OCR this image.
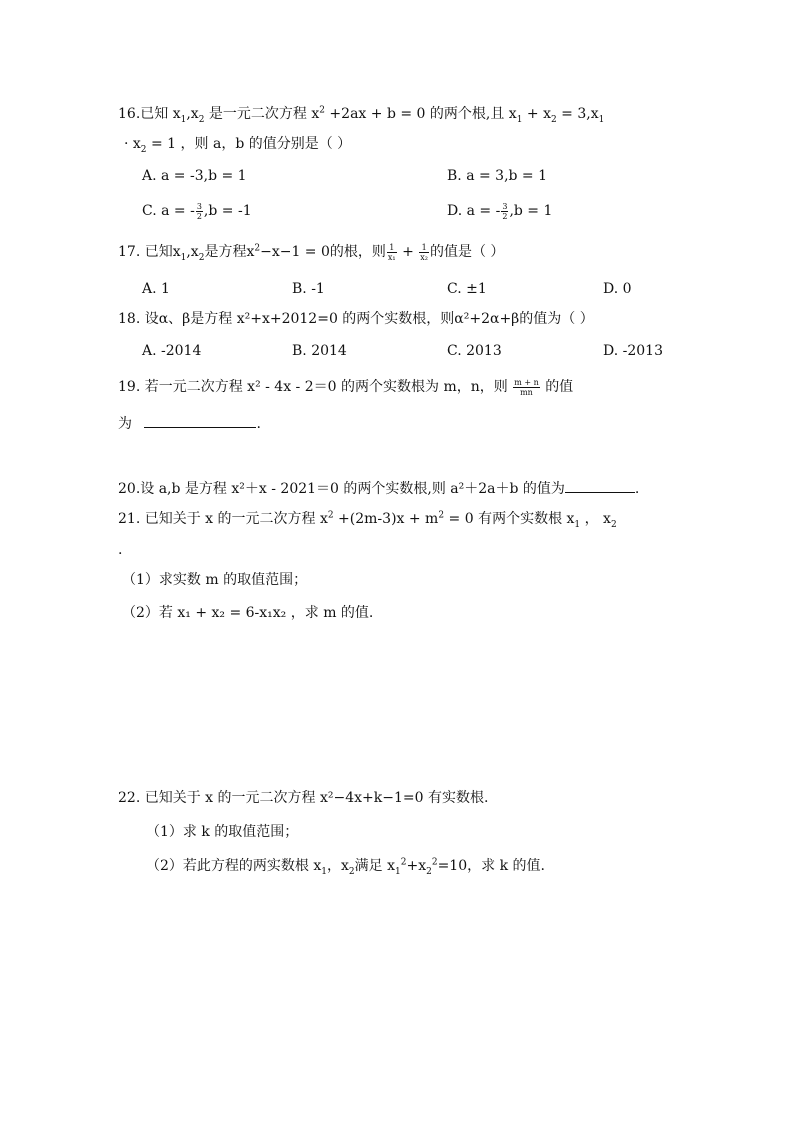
16.已知 $x_1,x_2$ 是一元二次方程 $x^2 +2ax + b = 0$ 的两个根,且 $x_1 + x_2 = 3,x_1$
· $x_2 = 1$ ，则 a，b 的值分别是（ ）
A. a = -3,b = 1	B. a = 3,b = 1
C. a = - $\frac{3}{2} ,b = -1$	D. a = - $\frac{3}{2} ,b = 1$
17. 已知$x_1,x_2$是方程$x^2-x-1 = 0$的根，则 $\frac{1}{\text{x₁}} + \frac{1}{\text{x₂}}$ 的值是（ ）
A. 1	B. -1	C. ±1	D. 0
18. 设α、β是方程 x²+x+2012=0 的两个实数根，则α²+2α+β的值为（ ）
A. -2014	B. 2014	C. 2013	D. -2013
19. 若一元二次方程 x² - 4x - 2＝0 的两个实数根为 m，n，则 $\frac{m + n}{mn}$ 的值
为	.
20.设 a,b 是方程 x²＋x - 2021＝0 的两个实数根,则 a²＋2a＋b 的值为	.
21. 已知关于 x 的一元二次方程 $x^2 +(2m-3)x + m^2 = 0$ 有两个实数根 $x_1$ ， $x_2$
.
（1）求实数 m 的取值范围；
（2）若 x₁ + x₂ = 6-x₁x₂ ，求 m 的值.
22. 已知关于 x 的一元二次方程 x²−4x+k−1=0 有实数根.
（1）求 k 的取值范围；
（2）若此方程的两实数根 $x_1$，$x_2$满足 $x_1^2+x_2^2=10$，求 k 的值.
